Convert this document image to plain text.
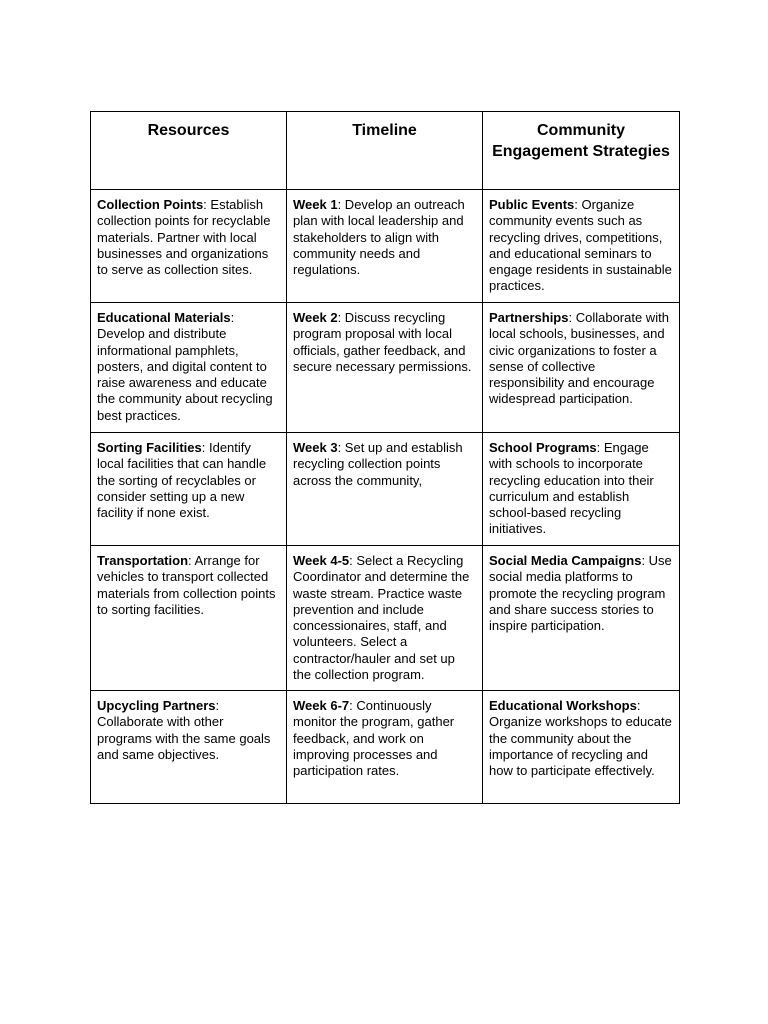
Resources	Timeline	Community Engagement Strategies
Collection Points: Establish collection points for recyclable materials. Partner with local businesses and organizations to serve as collection sites.	Week 1: Develop an outreach plan with local leadership and stakeholders to align with community needs and regulations.	Public Events: Organize community events such as recycling drives, competitions, and educational seminars to engage residents in sustainable practices.
Educational Materials: Develop and distribute informational pamphlets, posters, and digital content to raise awareness and educate the community about recycling best practices.	Week 2: Discuss recycling program proposal with local officials, gather feedback, and secure necessary permissions.	Partnerships: Collaborate with local schools, businesses, and civic organizations to foster a sense of collective responsibility and encourage widespread participation.
Sorting Facilities: Identify local facilities that can handle the sorting of recyclables or consider setting up a new facility if none exist.	Week 3: Set up and establish recycling collection points across the community,	School Programs: Engage with schools to incorporate recycling education into their curriculum and establish school-based recycling initiatives.
Transportation: Arrange for vehicles to transport collected materials from collection points to sorting facilities.	Week 4-5: Select a Recycling Coordinator and determine the waste stream. Practice waste prevention and include concessionaires, staff, and volunteers. Select a contractor/hauler and set up the collection program.	Social Media Campaigns: Use social media platforms to promote the recycling program and share success stories to inspire participation.
Upcycling Partners: Collaborate with other programs with the same goals and same objectives.	Week 6-7: Continuously monitor the program, gather feedback, and work on improving processes and participation rates.	Educational Workshops: Organize workshops to educate the community about the importance of recycling and how to participate effectively.
